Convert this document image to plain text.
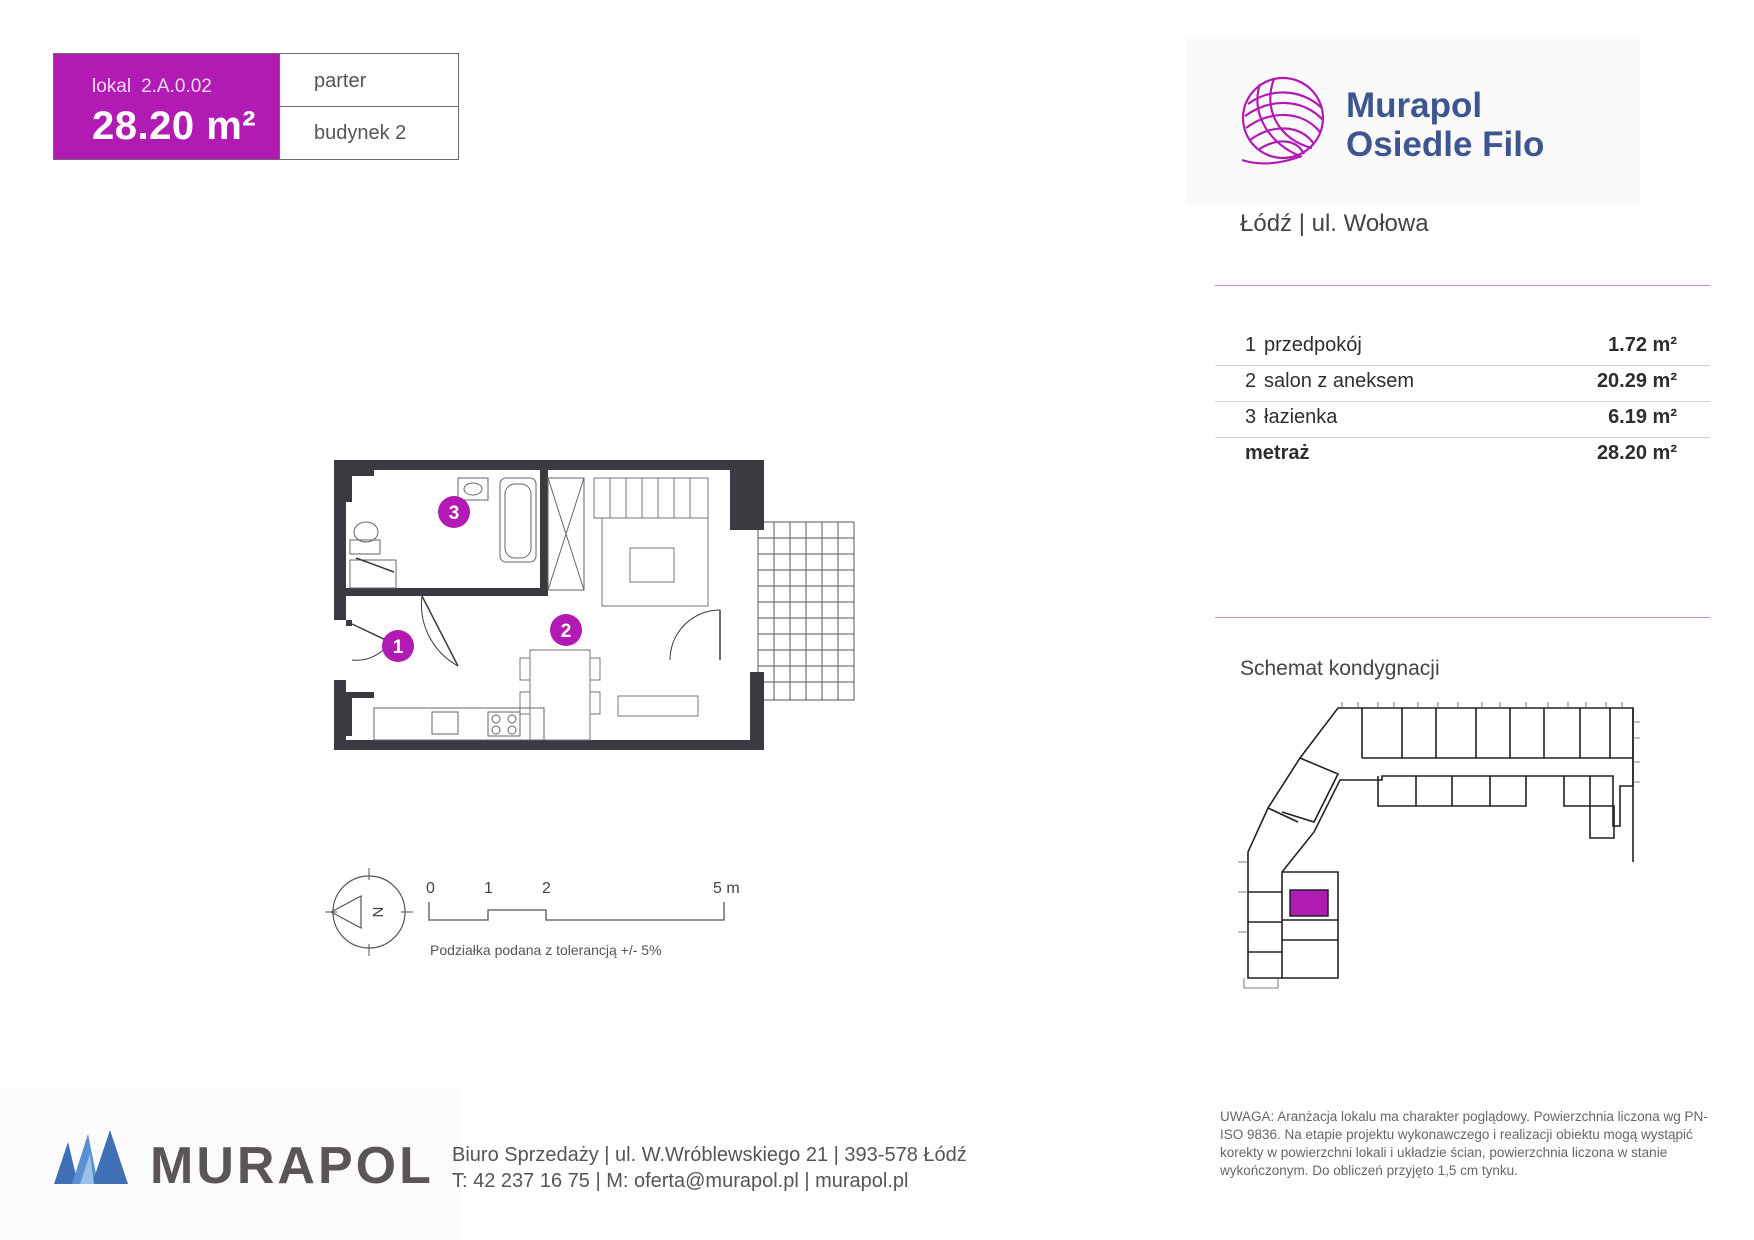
lokal 2.A.0.02
28.20 m²
parter
budynek 2
Murapol
Osiedle Filo
Łódź | ul. Wołowa
1 przedpokój	1.72 m²
2 salon z aneksem	20.29 m²
3 łazienka	6.19 m²
metraż	28.20 m²
Schemat kondygnacji
3
2
1
N
0	1	2	5 m
Podziałka podana z tolerancją +/- 5%
MURAPOL Biuro Sprzedaży | ul. W.Wróblewskiego 21 | 393-578 Łódź
T: 42 237 16 75 | M: oferta@murapol.pl | murapol.pl
UWAGA: Aranżacja lokalu ma charakter poglądowy. Powierzchnia liczona wg PN-ISO 9836. Na etapie projektu wykonawczego i realizacji obiektu mogą wystąpić korekty w powierzchni lokali i układzie ścian, powierzchnia liczona w stanie wykończonym. Do obliczeń przyjęto 1,5 cm tynku.
